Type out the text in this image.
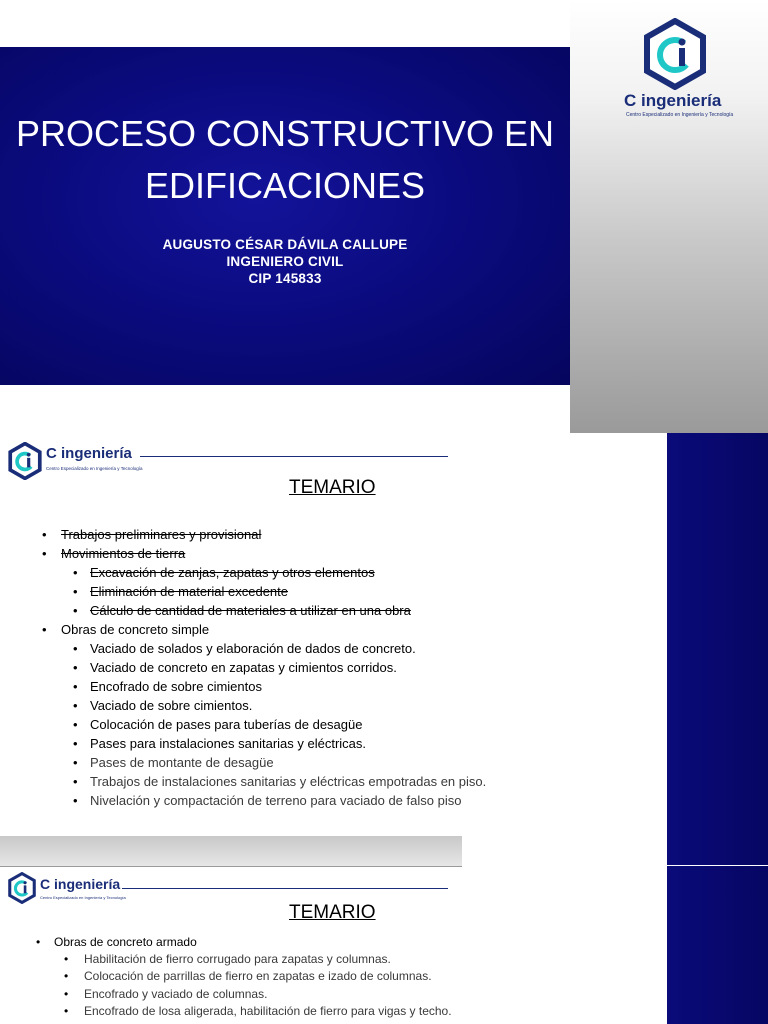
PROCESO CONSTRUCTIVO EN
EDIFICACIONES
AUGUSTO CÉSAR DÁVILA CALLUPE
INGENIERO CIVIL
CIP 145833
C ingeniería
Centro Especializado en Ingeniería y Tecnología
C ingeniería
Centro Especializado en Ingeniería y Tecnología
TEMARIO
• Trabajos preliminares y provisional
• Movimientos de tierra
• Excavación de zanjas, zapatas y otros elementos
• Eliminación de material excedente
• Cálculo de cantidad de materiales a utilizar en una obra
• Obras de concreto simple
• Vaciado de solados y elaboración de dados de concreto.
• Vaciado de concreto en zapatas y cimientos corridos.
• Encofrado de sobre cimientos
• Vaciado de sobre cimientos.
• Colocación de pases para tuberías de desagüe
• Pases para instalaciones sanitarias y eléctricas.
• Pases de montante de desagüe
• Trabajos de instalaciones sanitarias y eléctricas empotradas en piso.
• Nivelación y compactación de terreno para vaciado de falso piso
C ingeniería
Centro Especializado en Ingeniería y Tecnología
TEMARIO
• Obras de concreto armado
• Habilitación de fierro corrugado para zapatas y columnas.
• Colocación de parrillas de fierro en zapatas e izado de columnas.
• Encofrado y vaciado de columnas.
• Encofrado de losa aligerada, habilitación de fierro para vigas y techo.
